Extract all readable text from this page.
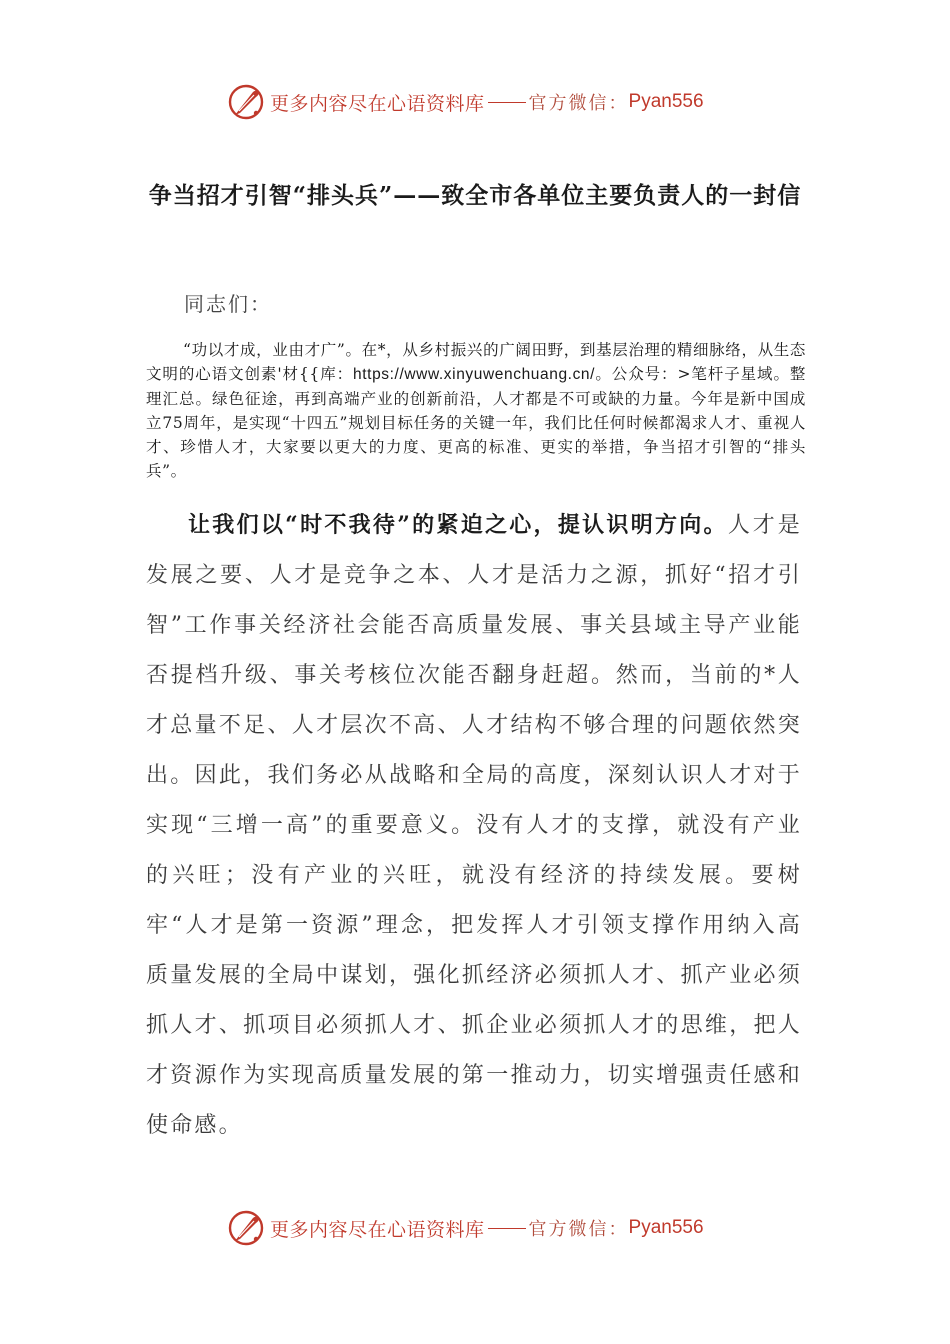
更多内容尽在心语资料库 官方微信： Pyan556
争当招才引智“排头兵”——致全市各单位主要负责人的一封信
同志们：
“功以才成，业由才广”。在*，从乡村振兴的广阔田野，到基层治理的精细脉络，从生态文明的心语文创素'材{{库：https://www.xinyuwenchuang.cn/。公众号：>笔杆子星域。整理汇总。绿色征途，再到高端产业的创新前沿，人才都是不可或缺的力量。今年是新中国成立75周年，是实现“十四五”规划目标任务的关键一年，我们比任何时候都渴求人才、重视人才、珍惜人才，大家要以更大的力度、更高的标准、更实的举措，争当招才引智的“排头兵”。
让我们以“时不我待”的紧迫之心，提认识明方向。人才是发展之要、人才是竞争之本、人才是活力之源，抓好“招才引智”工作事关经济社会能否高质量发展、事关县域主导产业能否提档升级、事关考核位次能否翻身赶超。然而，当前的*人才总量不足、人才层次不高、人才结构不够合理的问题依然突出。因此，我们务必从战略和全局的高度，深刻认识人才对于实现“三增一高”的重要意义。没有人才的支撑，就没有产业的兴旺；没有产业的兴旺，就没有经济的持续发展。要树牢“人才是第一资源”理念，把发挥人才引领支撑作用纳入高质量发展的全局中谋划，强化抓经济必须抓人才、抓产业必须抓人才、抓项目必须抓人才、抓企业必须抓人才的思维，把人才资源作为实现高质量发展的第一推动力，切实增强责任感和使命感。
更多内容尽在心语资料库 官方微信： Pyan556
